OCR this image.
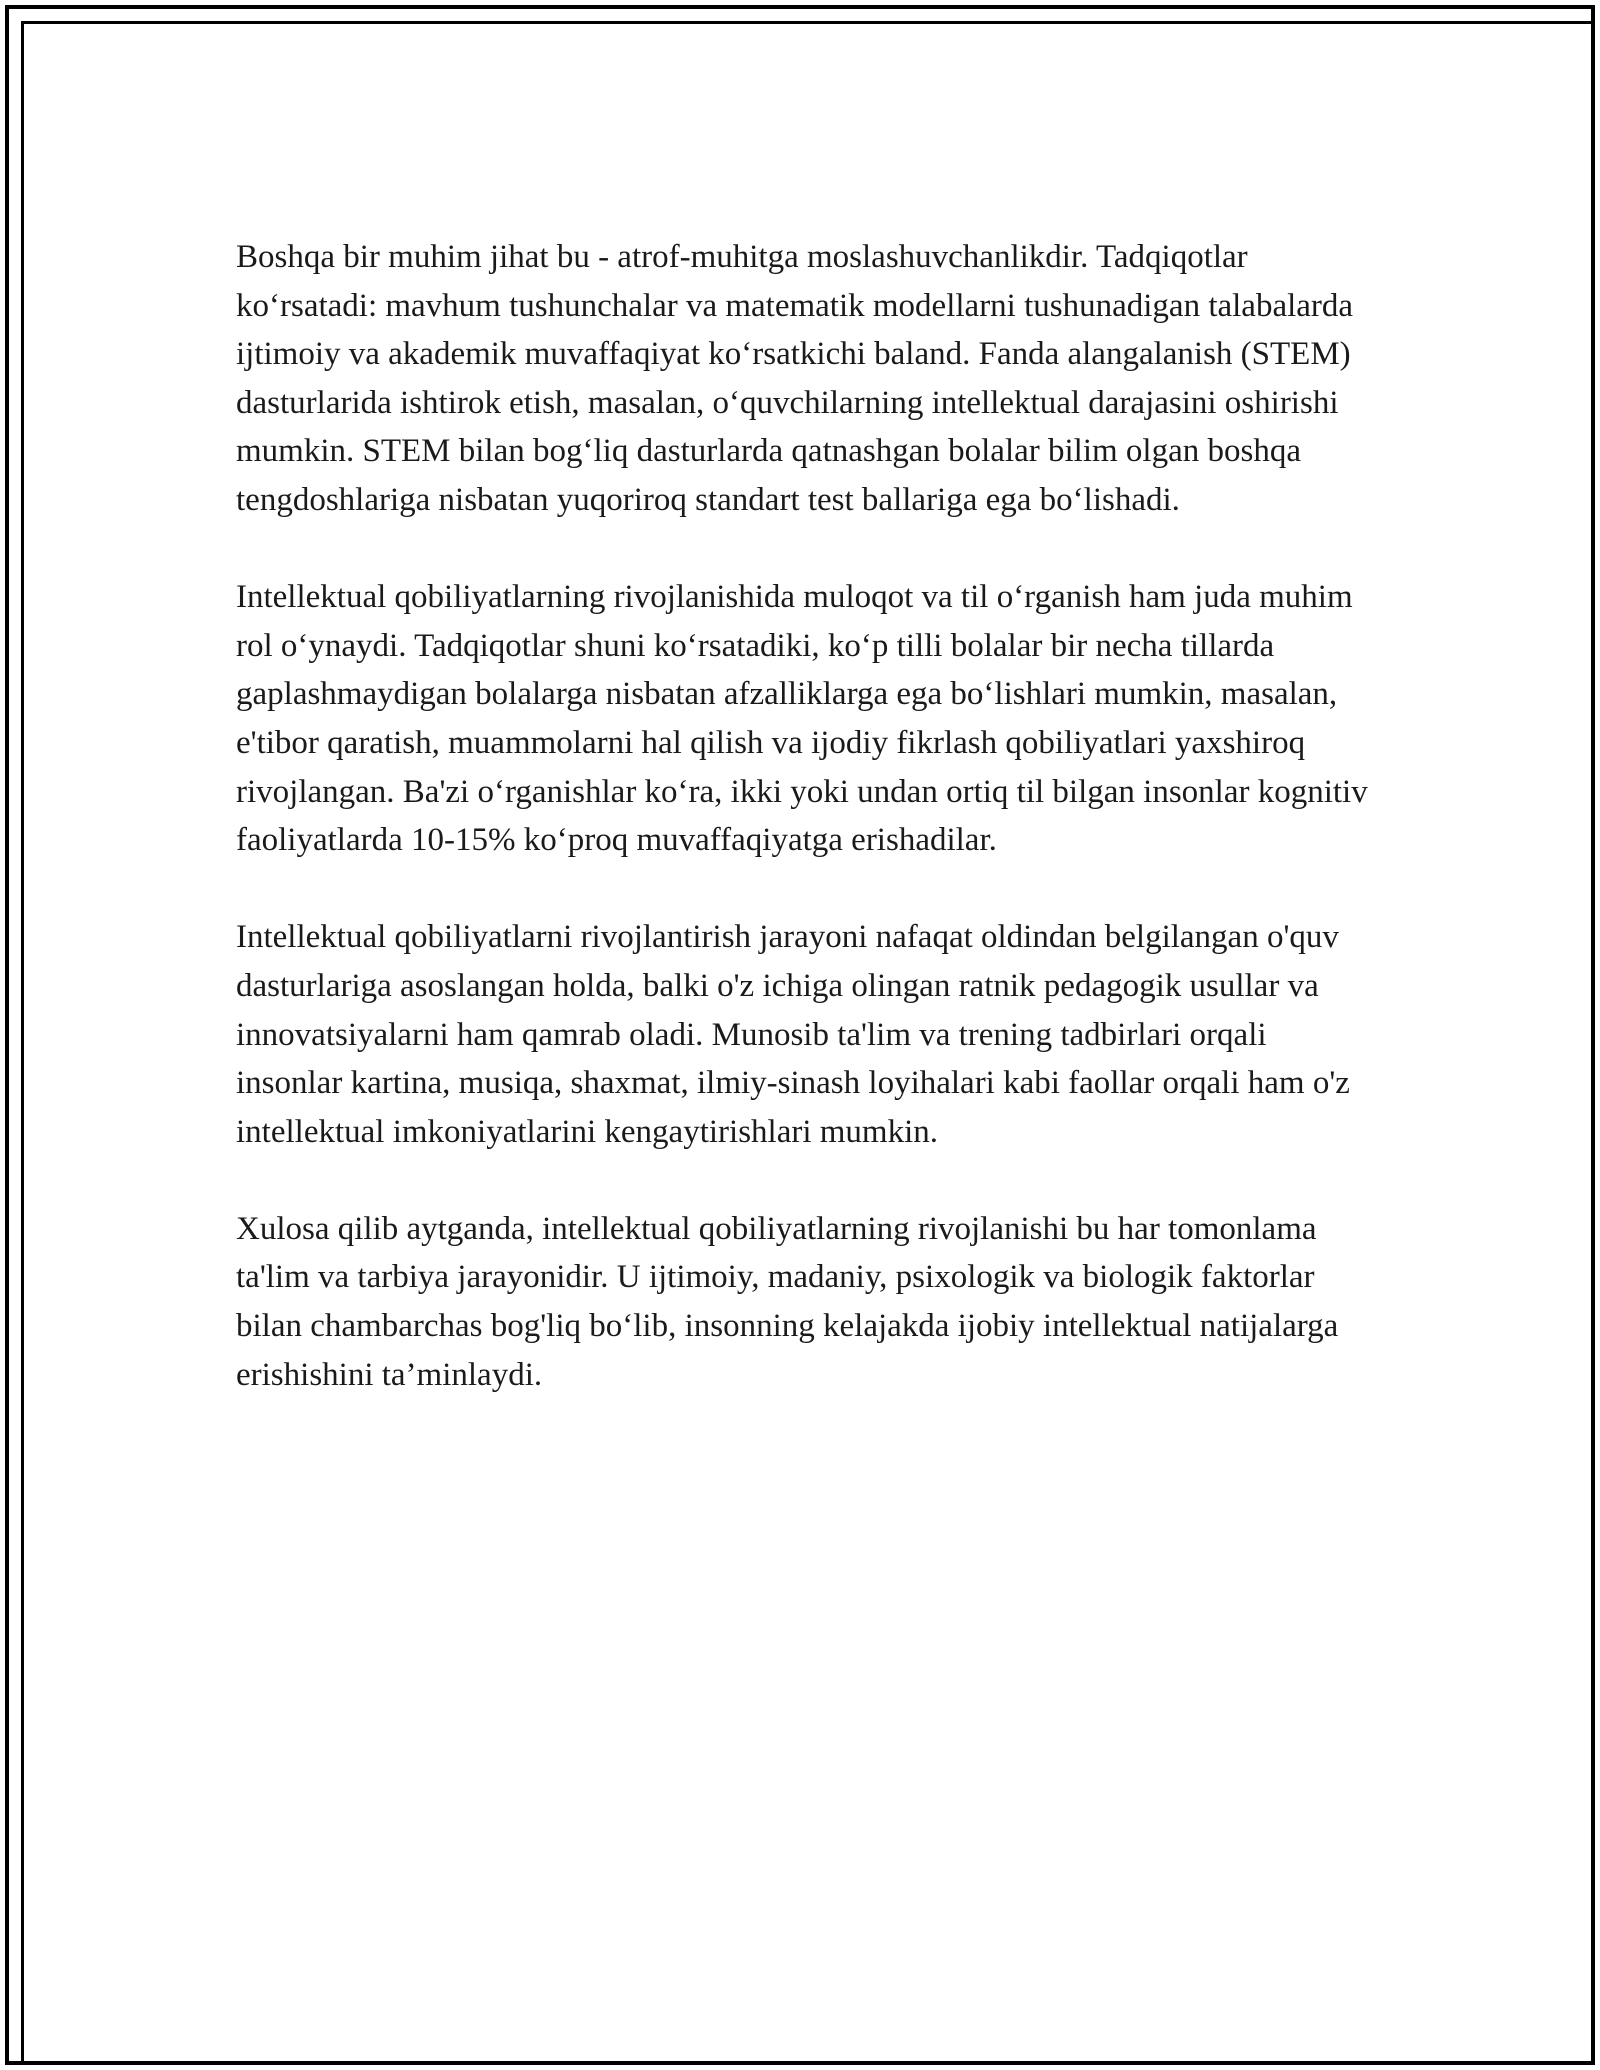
Boshqa bir muhim jihat bu - atrof-muhitga moslashuvchanlikdir. Tadqiqotlar ko‘rsatadi: mavhum tushunchalar va matematik modellarni tushunadigan talabalarda ijtimoiy va akademik muvaffaqiyat ko‘rsatkichi baland. Fanda alangalanish (STEM) dasturlarida ishtirok etish, masalan, o‘quvchilarning intellektual darajasini oshirishi mumkin. STEM bilan bog‘liq dasturlarda qatnashgan bolalar bilim olgan boshqa tengdoshlariga nisbatan yuqoriroq standart test ballariga ega bo‘lishadi.

Intellektual qobiliyatlarning rivojlanishida muloqot va til o‘rganish ham juda muhim rol o‘ynaydi. Tadqiqotlar shuni ko‘rsatadiki, ko‘p tilli bolalar bir necha tillarda gaplashmaydigan bolalarga nisbatan afzalliklarga ega bo‘lishlari mumkin, masalan, e'tibor qaratish, muammolarni hal qilish va ijodiy fikrlash qobiliyatlari yaxshiroq rivojlangan. Ba'zi o‘rganishlar ko‘ra, ikki yoki undan ortiq til bilgan insonlar kognitiv faoliyatlarda 10-15% ko‘proq muvaffaqiyatga erishadilar.

Intellektual qobiliyatlarni rivojlantirish jarayoni nafaqat oldindan belgilangan o'quv dasturlariga asoslangan holda, balki o'z ichiga olingan ratnik pedagogik usullar va innovatsiyalarni ham qamrab oladi. Munosib ta'lim va trening tadbirlari orqali insonlar kartina, musiqa, shaxmat, ilmiy-sinash loyihalari kabi faollar orqali ham o'z intellektual imkoniyatlarini kengaytirishlari mumkin.

Xulosa qilib aytganda, intellektual qobiliyatlarning rivojlanishi bu har tomonlama ta'lim va tarbiya jarayonidir. U ijtimoiy, madaniy, psixologik va biologik faktorlar bilan chambarchas bog'liq bo‘lib, insonning kelajakda ijobiy intellektual natijalarga erishishini ta’minlaydi.
